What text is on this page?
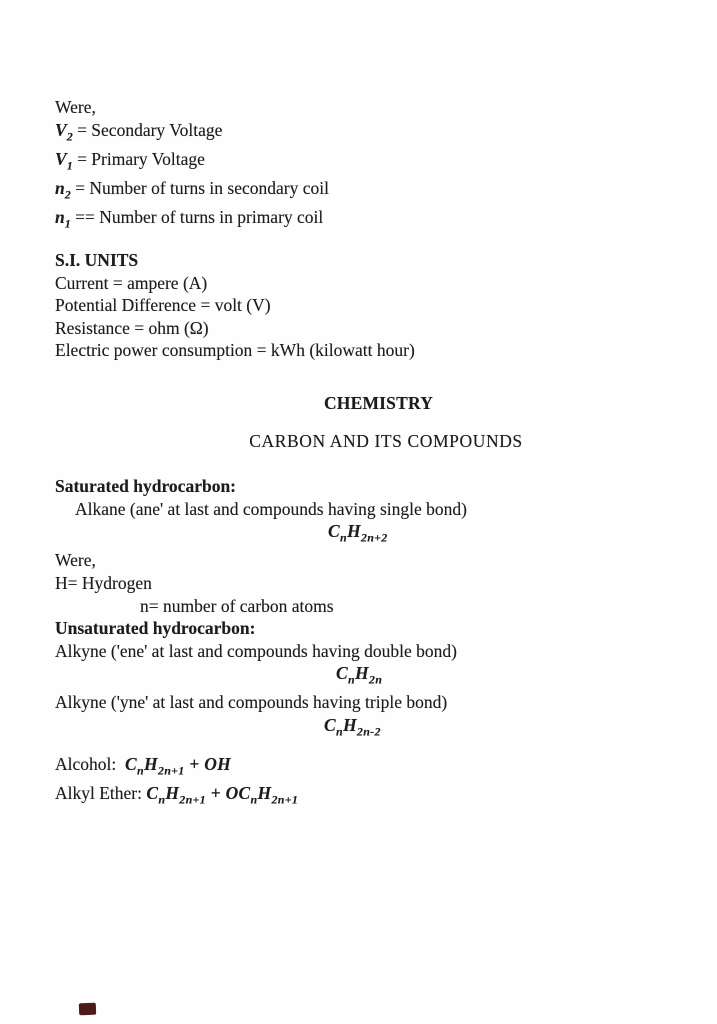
Were,
$V_2$ = Secondary Voltage
$V_1$ = Primary Voltage
$n_2$ = Number of turns in secondary coil
$n_1$ == Number of turns in primary coil
S.I. UNITS
Current = ampere (A)
Potential Difference = volt (V)
Resistance = ohm (Ω)
Electric power consumption = kWh (kilowatt hour)
CHEMISTRY
CARBON AND ITS COMPOUNDS
Saturated hydrocarbon:
Alkane (ane' at last and compounds having single bond)
$C_nH_{2n+2}$
Were,
H= Hydrogen
n= number of carbon atoms
Unsaturated hydrocarbon:
Alkyne ('ene' at last and compounds having double bond)
$C_nH_{2n}$
Alkyne ('yne' at last and compounds having triple bond)
$C_nH_{2n-2}$
Alcohol: $C_nH_{2n+1}$ + OH
Alkyl Ether: $C_nH_{2n+1} + OC_nH_{2n+1}$
